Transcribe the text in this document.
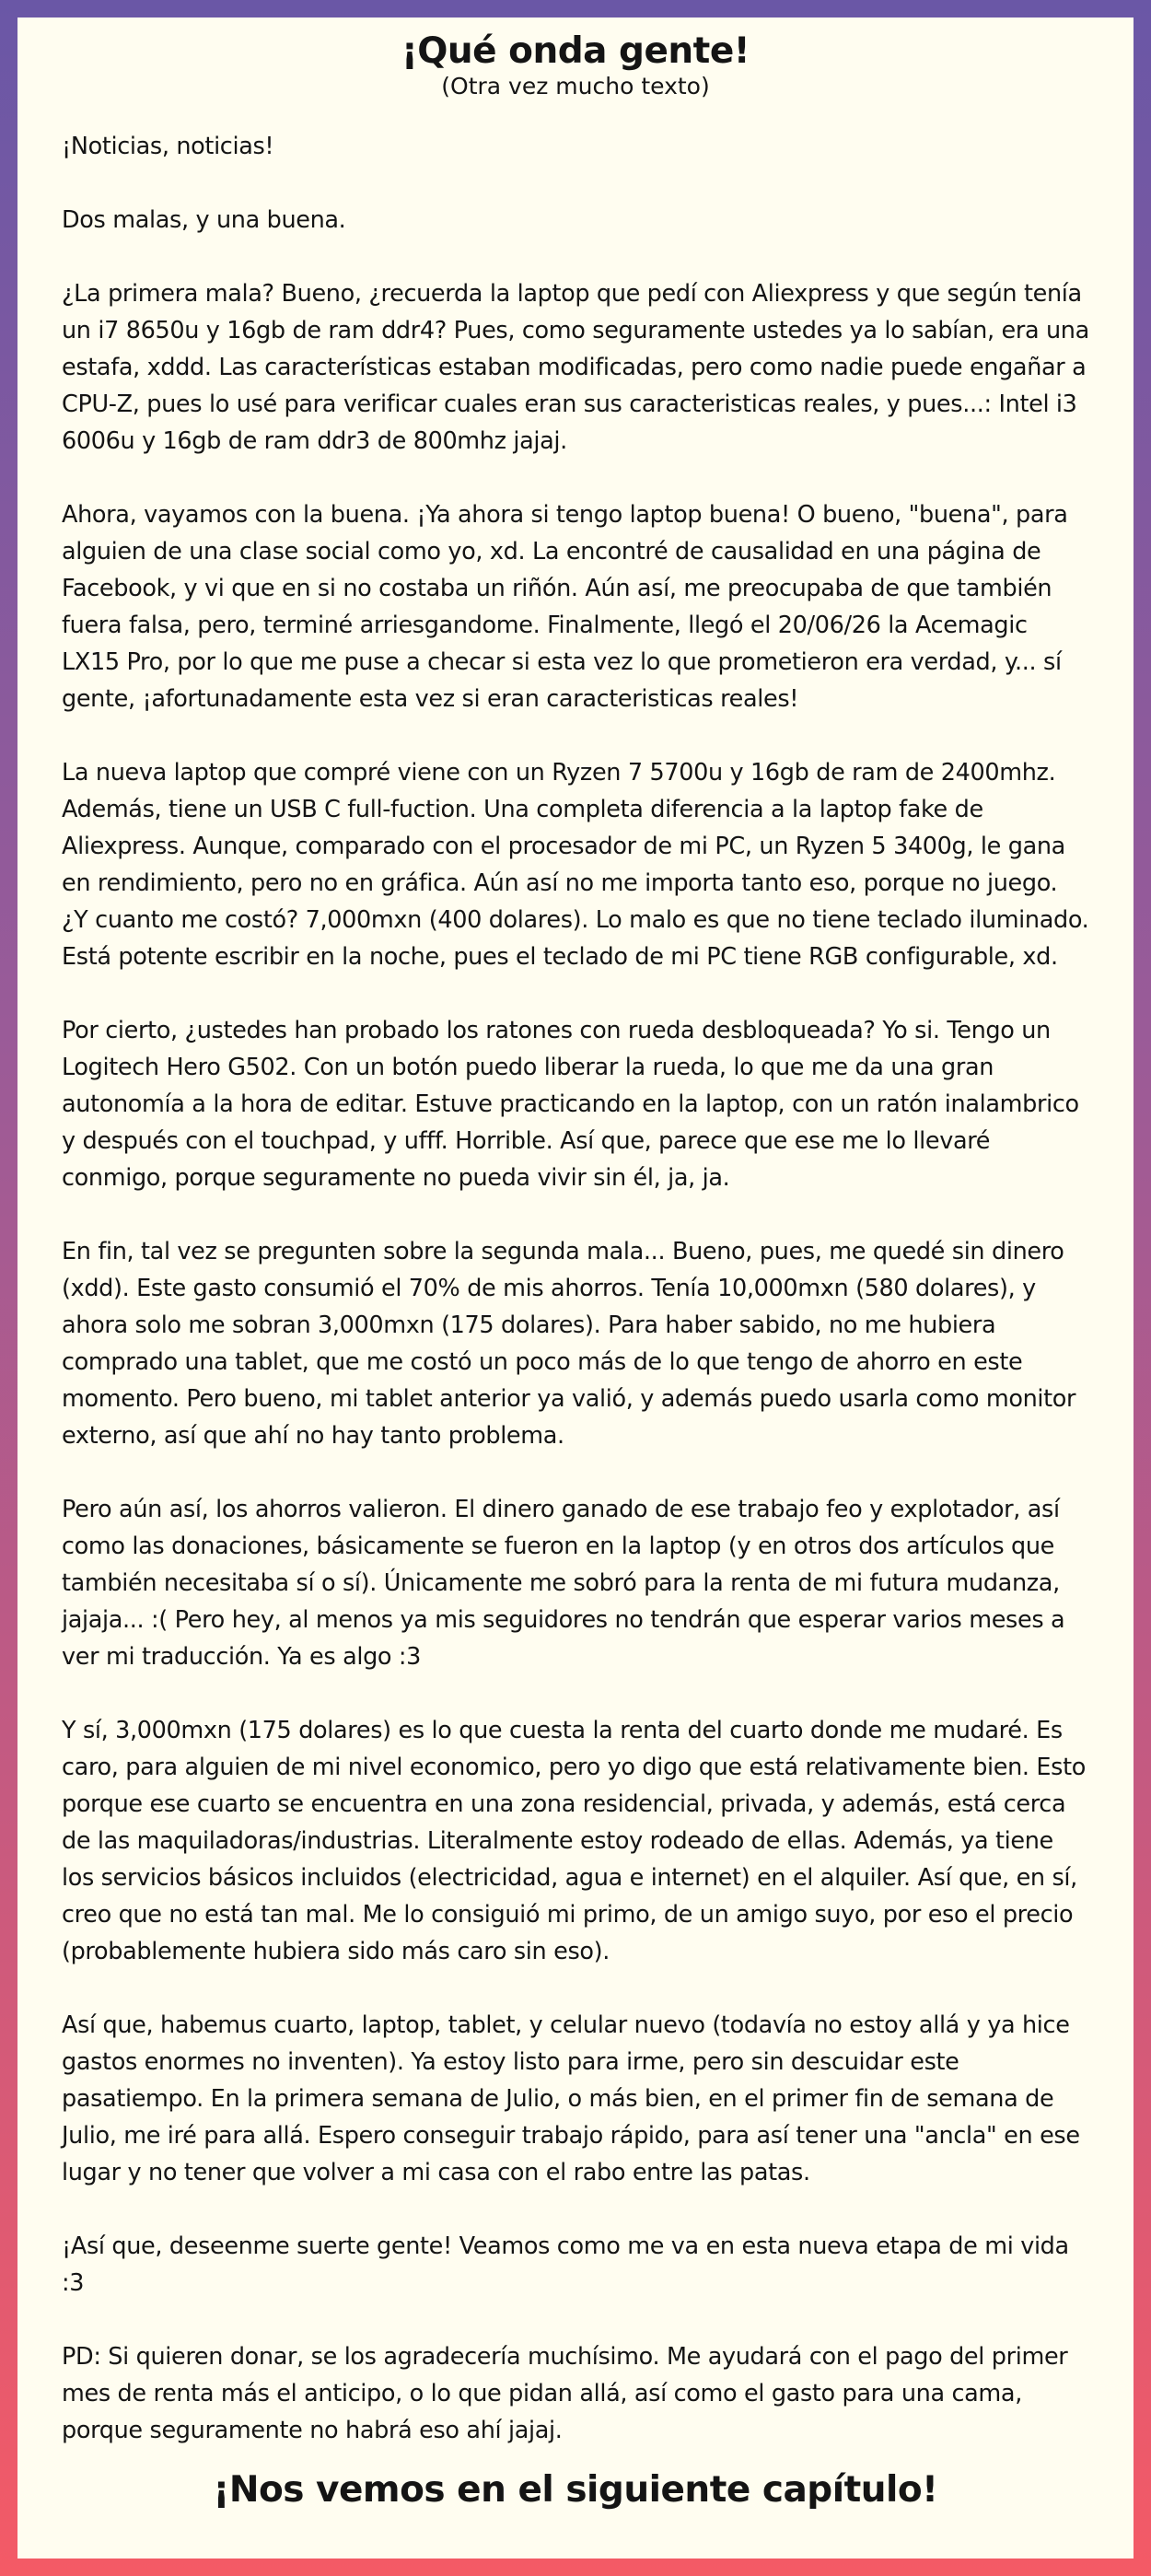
¡Qué onda gente!
(Otra vez mucho texto)

¡Noticias, noticias!

Dos malas, y una buena.

¿La primera mala? Bueno, ¿recuerda la laptop que pedí con Aliexpress y que según tenía un i7 8650u y 16gb de ram ddr4? Pues, como seguramente ustedes ya lo sabían, era una estafa, xddd. Las características estaban modificadas, pero como nadie puede engañar a CPU-Z, pues lo usé para verificar cuales eran sus caracteristicas reales, y pues...: Intel i3 6006u y 16gb de ram ddr3 de 800mhz jajaj.

Ahora, vayamos con la buena. ¡Ya ahora si tengo laptop buena! O bueno, "buena", para alguien de una clase social como yo, xd. La encontré de causalidad en una página de Facebook, y vi que en si no costaba un riñón. Aún así, me preocupaba de que también fuera falsa, pero, terminé arriesgandome. Finalmente, llegó el 20/06/26 la Acemagic LX15 Pro, por lo que me puse a checar si esta vez lo que prometieron era verdad, y... sí gente, ¡afortunadamente esta vez si eran caracteristicas reales!

La nueva laptop que compré viene con un Ryzen 7 5700u y 16gb de ram de 2400mhz. Además, tiene un USB C full-fuction. Una completa diferencia a la laptop fake de Aliexpress. Aunque, comparado con el procesador de mi PC, un Ryzen 5 3400g, le gana en rendimiento, pero no en gráfica. Aún así no me importa tanto eso, porque no juego. ¿Y cuanto me costó? 7,000mxn (400 dolares). Lo malo es que no tiene teclado iluminado. Está potente escribir en la noche, pues el teclado de mi PC tiene RGB configurable, xd.

Por cierto, ¿ustedes han probado los ratones con rueda desbloqueada? Yo si. Tengo un Logitech Hero G502. Con un botón puedo liberar la rueda, lo que me da una gran autonomía a la hora de editar. Estuve practicando en la laptop, con un ratón inalambrico y después con el touchpad, y ufff. Horrible. Así que, parece que ese me lo llevaré conmigo, porque seguramente no pueda vivir sin él, ja, ja.

En fin, tal vez se pregunten sobre la segunda mala... Bueno, pues, me quedé sin dinero (xdd). Este gasto consumió el 70% de mis ahorros. Tenía 10,000mxn (580 dolares), y ahora solo me sobran 3,000mxn (175 dolares). Para haber sabido, no me hubiera comprado una tablet, que me costó un poco más de lo que tengo de ahorro en este momento. Pero bueno, mi tablet anterior ya valió, y además puedo usarla como monitor externo, así que ahí no hay tanto problema.

Pero aún así, los ahorros valieron. El dinero ganado de ese trabajo feo y explotador, así como las donaciones, básicamente se fueron en la laptop (y en otros dos artículos que también necesitaba sí o sí). Únicamente me sobró para la renta de mi futura mudanza, jajaja... :( Pero hey, al menos ya mis seguidores no tendrán que esperar varios meses a ver mi traducción. Ya es algo :3

Y sí, 3,000mxn (175 dolares) es lo que cuesta la renta del cuarto donde me mudaré. Es caro, para alguien de mi nivel economico, pero yo digo que está relativamente bien. Esto porque ese cuarto se encuentra en una zona residencial, privada, y además, está cerca de las maquiladoras/industrias. Literalmente estoy rodeado de ellas. Además, ya tiene los servicios básicos incluidos (electricidad, agua e internet) en el alquiler. Así que, en sí, creo que no está tan mal. Me lo consiguió mi primo, de un amigo suyo, por eso el precio (probablemente hubiera sido más caro sin eso).

Así que, habemus cuarto, laptop, tablet, y celular nuevo (todavía no estoy allá y ya hice gastos enormes no inventen). Ya estoy listo para irme, pero sin descuidar este pasatiempo. En la primera semana de Julio, o más bien, en el primer fin de semana de Julio, me iré para allá. Espero conseguir trabajo rápido, para así tener una "ancla" en ese lugar y no tener que volver a mi casa con el rabo entre las patas.

¡Así que, deseenme suerte gente! Veamos como me va en esta nueva etapa de mi vida :3

PD: Si quieren donar, se los agradecería muchísimo. Me ayudará con el pago del primer mes de renta más el anticipo, o lo que pidan allá, así como el gasto para una cama, porque seguramente no habrá eso ahí jajaj.

¡Nos vemos en el siguiente capítulo!
